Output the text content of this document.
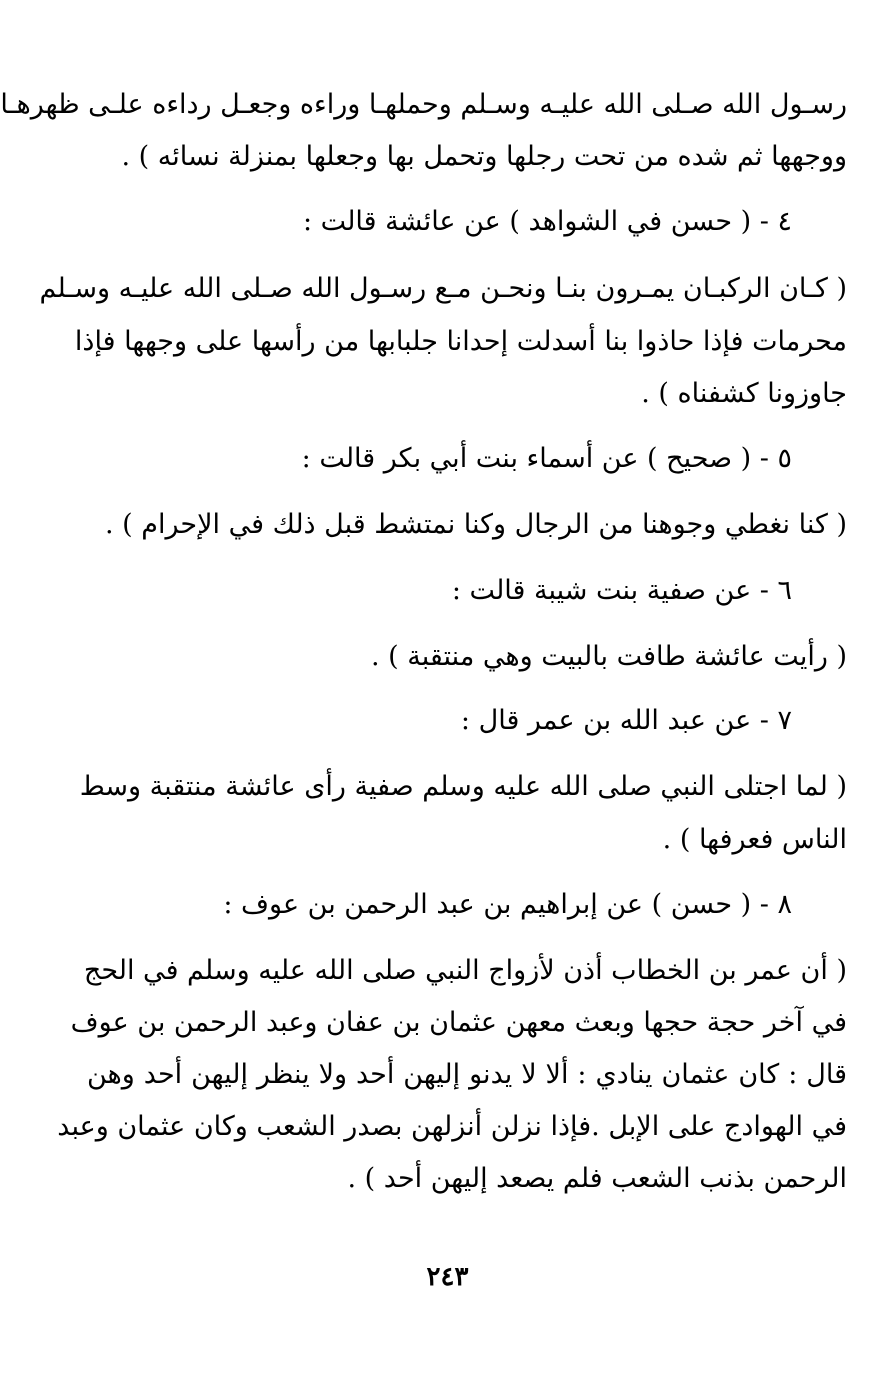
رسـول الله صـلى الله عليـه وسـلم وحملهـا وراءه وجعـل رداءه علـى ظهرهـا
ووجهها ثم شده من تحت رجلها وتحمل بها وجعلها بمنزلة نسائه ) .
٤ - ( حسن في الشواهد ) عن عائشة قالت :
( كـان الركبـان يمـرون بنـا ونحـن مـع رسـول الله صـلى الله عليـه وسـلم
محرمات فإذا حاذوا بنا أسدلت إحدانا جلبابها من رأسها على وجهها فإذا
جاوزونا كشفناه ) .
٥ - ( صحيح ) عن أسماء بنت أبي بكر قالت :
( كنا نغطي وجوهنا من الرجال وكنا نمتشط قبل ذلك في الإحرام ) .
٦ - عن صفية بنت شيبة قالت :
( رأيت عائشة طافت بالبيت وهي منتقبة ) .
٧ - عن عبد الله بن عمر قال :
( لما اجتلى النبي صلى الله عليه وسلم صفية رأى عائشة منتقبة وسط
الناس فعرفها ) .
٨ - ( حسن ) عن إبراهيم بن عبد الرحمن بن عوف :
( أن عمر بن الخطاب أذن لأزواج النبي صلى الله عليه وسلم في الحج
في آخر حجة حجها وبعث معهن عثمان بن عفان وعبد الرحمن بن عوف
قال : كان عثمان ينادي : ألا لا يدنو إليهن أحد ولا ينظر إليهن أحد وهن
في الهوادج على الإبل .فإذا نزلن أنزلهن بصدر الشعب وكان عثمان وعبد
الرحمن بذنب الشعب فلم يصعد إليهن أحد ) .
٢٤٣
